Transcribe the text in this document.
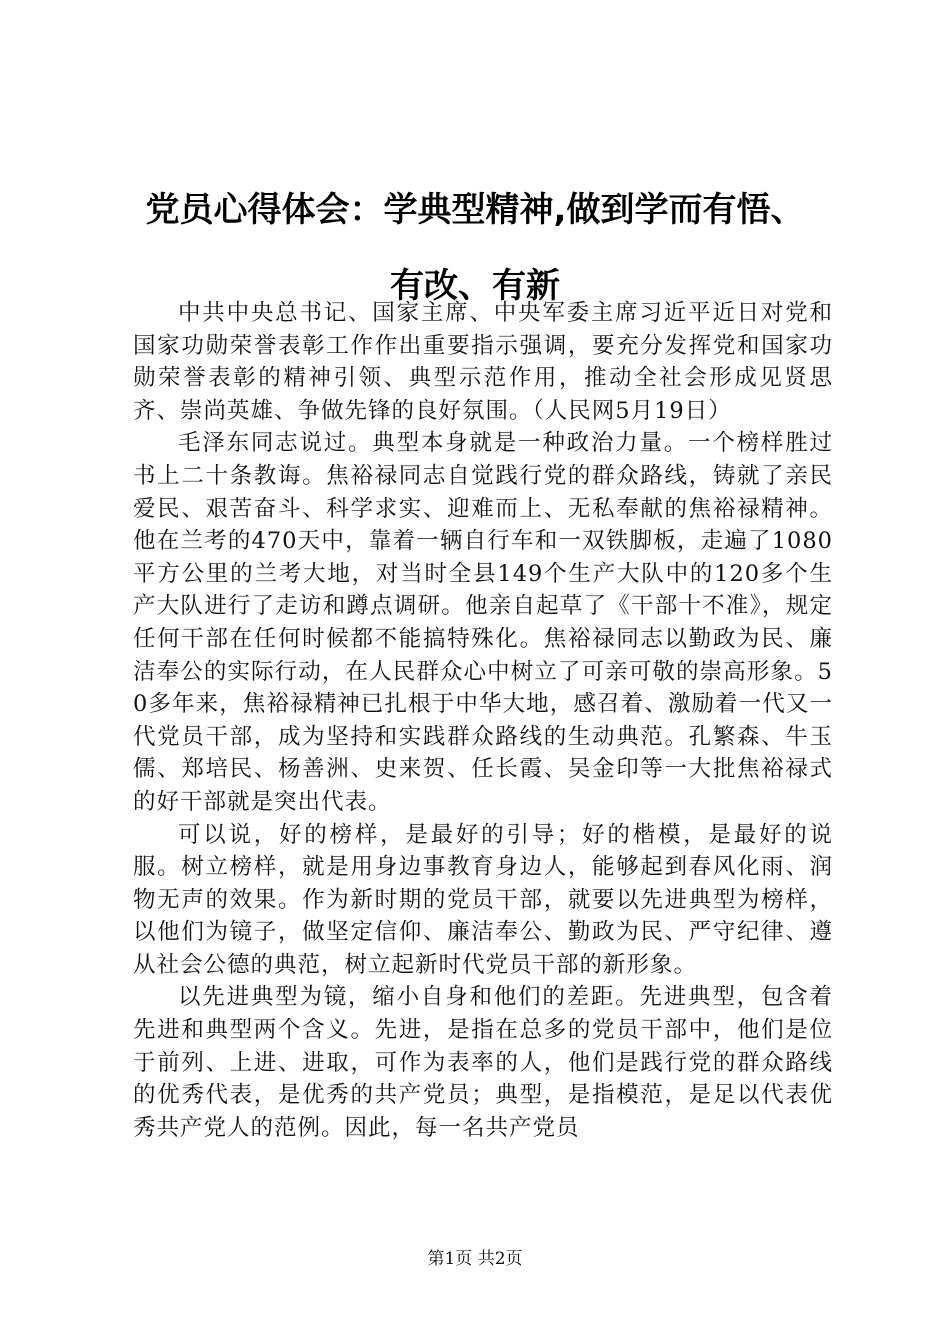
党员心得体会：学典型精神,做到学而有悟、
有改、有新

中共中央总书记、国家主席、中央军委主席习近平近日对党和国家功勋荣誉表彰工作作出重要指示强调，要充分发挥党和国家功勋荣誉表彰的精神引领、典型示范作用，推动全社会形成见贤思齐、崇尚英雄、争做先锋的良好氛围。（人民网5月19日）

毛泽东同志说过。典型本身就是一种政治力量。一个榜样胜过书上二十条教诲。焦裕禄同志自觉践行党的群众路线，铸就了亲民爱民、艰苦奋斗、科学求实、迎难而上、无私奉献的焦裕禄精神。他在兰考的470天中，靠着一辆自行车和一双铁脚板，走遍了1080平方公里的兰考大地，对当时全县149个生产大队中的120多个生产大队进行了走访和蹲点调研。他亲自起草了《干部十不准》，规定任何干部在任何时候都不能搞特殊化。焦裕禄同志以勤政为民、廉洁奉公的实际行动，在人民群众心中树立了可亲可敬的崇高形象。50多年来，焦裕禄精神已扎根于中华大地，感召着、激励着一代又一代党员干部，成为坚持和实践群众路线的生动典范。孔繁森、牛玉儒、郑培民、杨善洲、史来贺、任长霞、吴金印等一大批焦裕禄式的好干部就是突出代表。

可以说，好的榜样，是最好的引导；好的楷模，是最好的说服。树立榜样，就是用身边事教育身边人，能够起到春风化雨、润物无声的效果。作为新时期的党员干部，就要以先进典型为榜样，以他们为镜子，做坚定信仰、廉洁奉公、勤政为民、严守纪律、遵从社会公德的典范，树立起新时代党员干部的新形象。

以先进典型为镜，缩小自身和他们的差距。先进典型，包含着先进和典型两个含义。先进，是指在总多的党员干部中，他们是位于前列、上进、进取，可作为表率的人，他们是践行党的群众路线的优秀代表，是优秀的共产党员；典型，是指模范，是足以代表优秀共产党人的范例。因此，每一名共产党员

第1页 共2页
